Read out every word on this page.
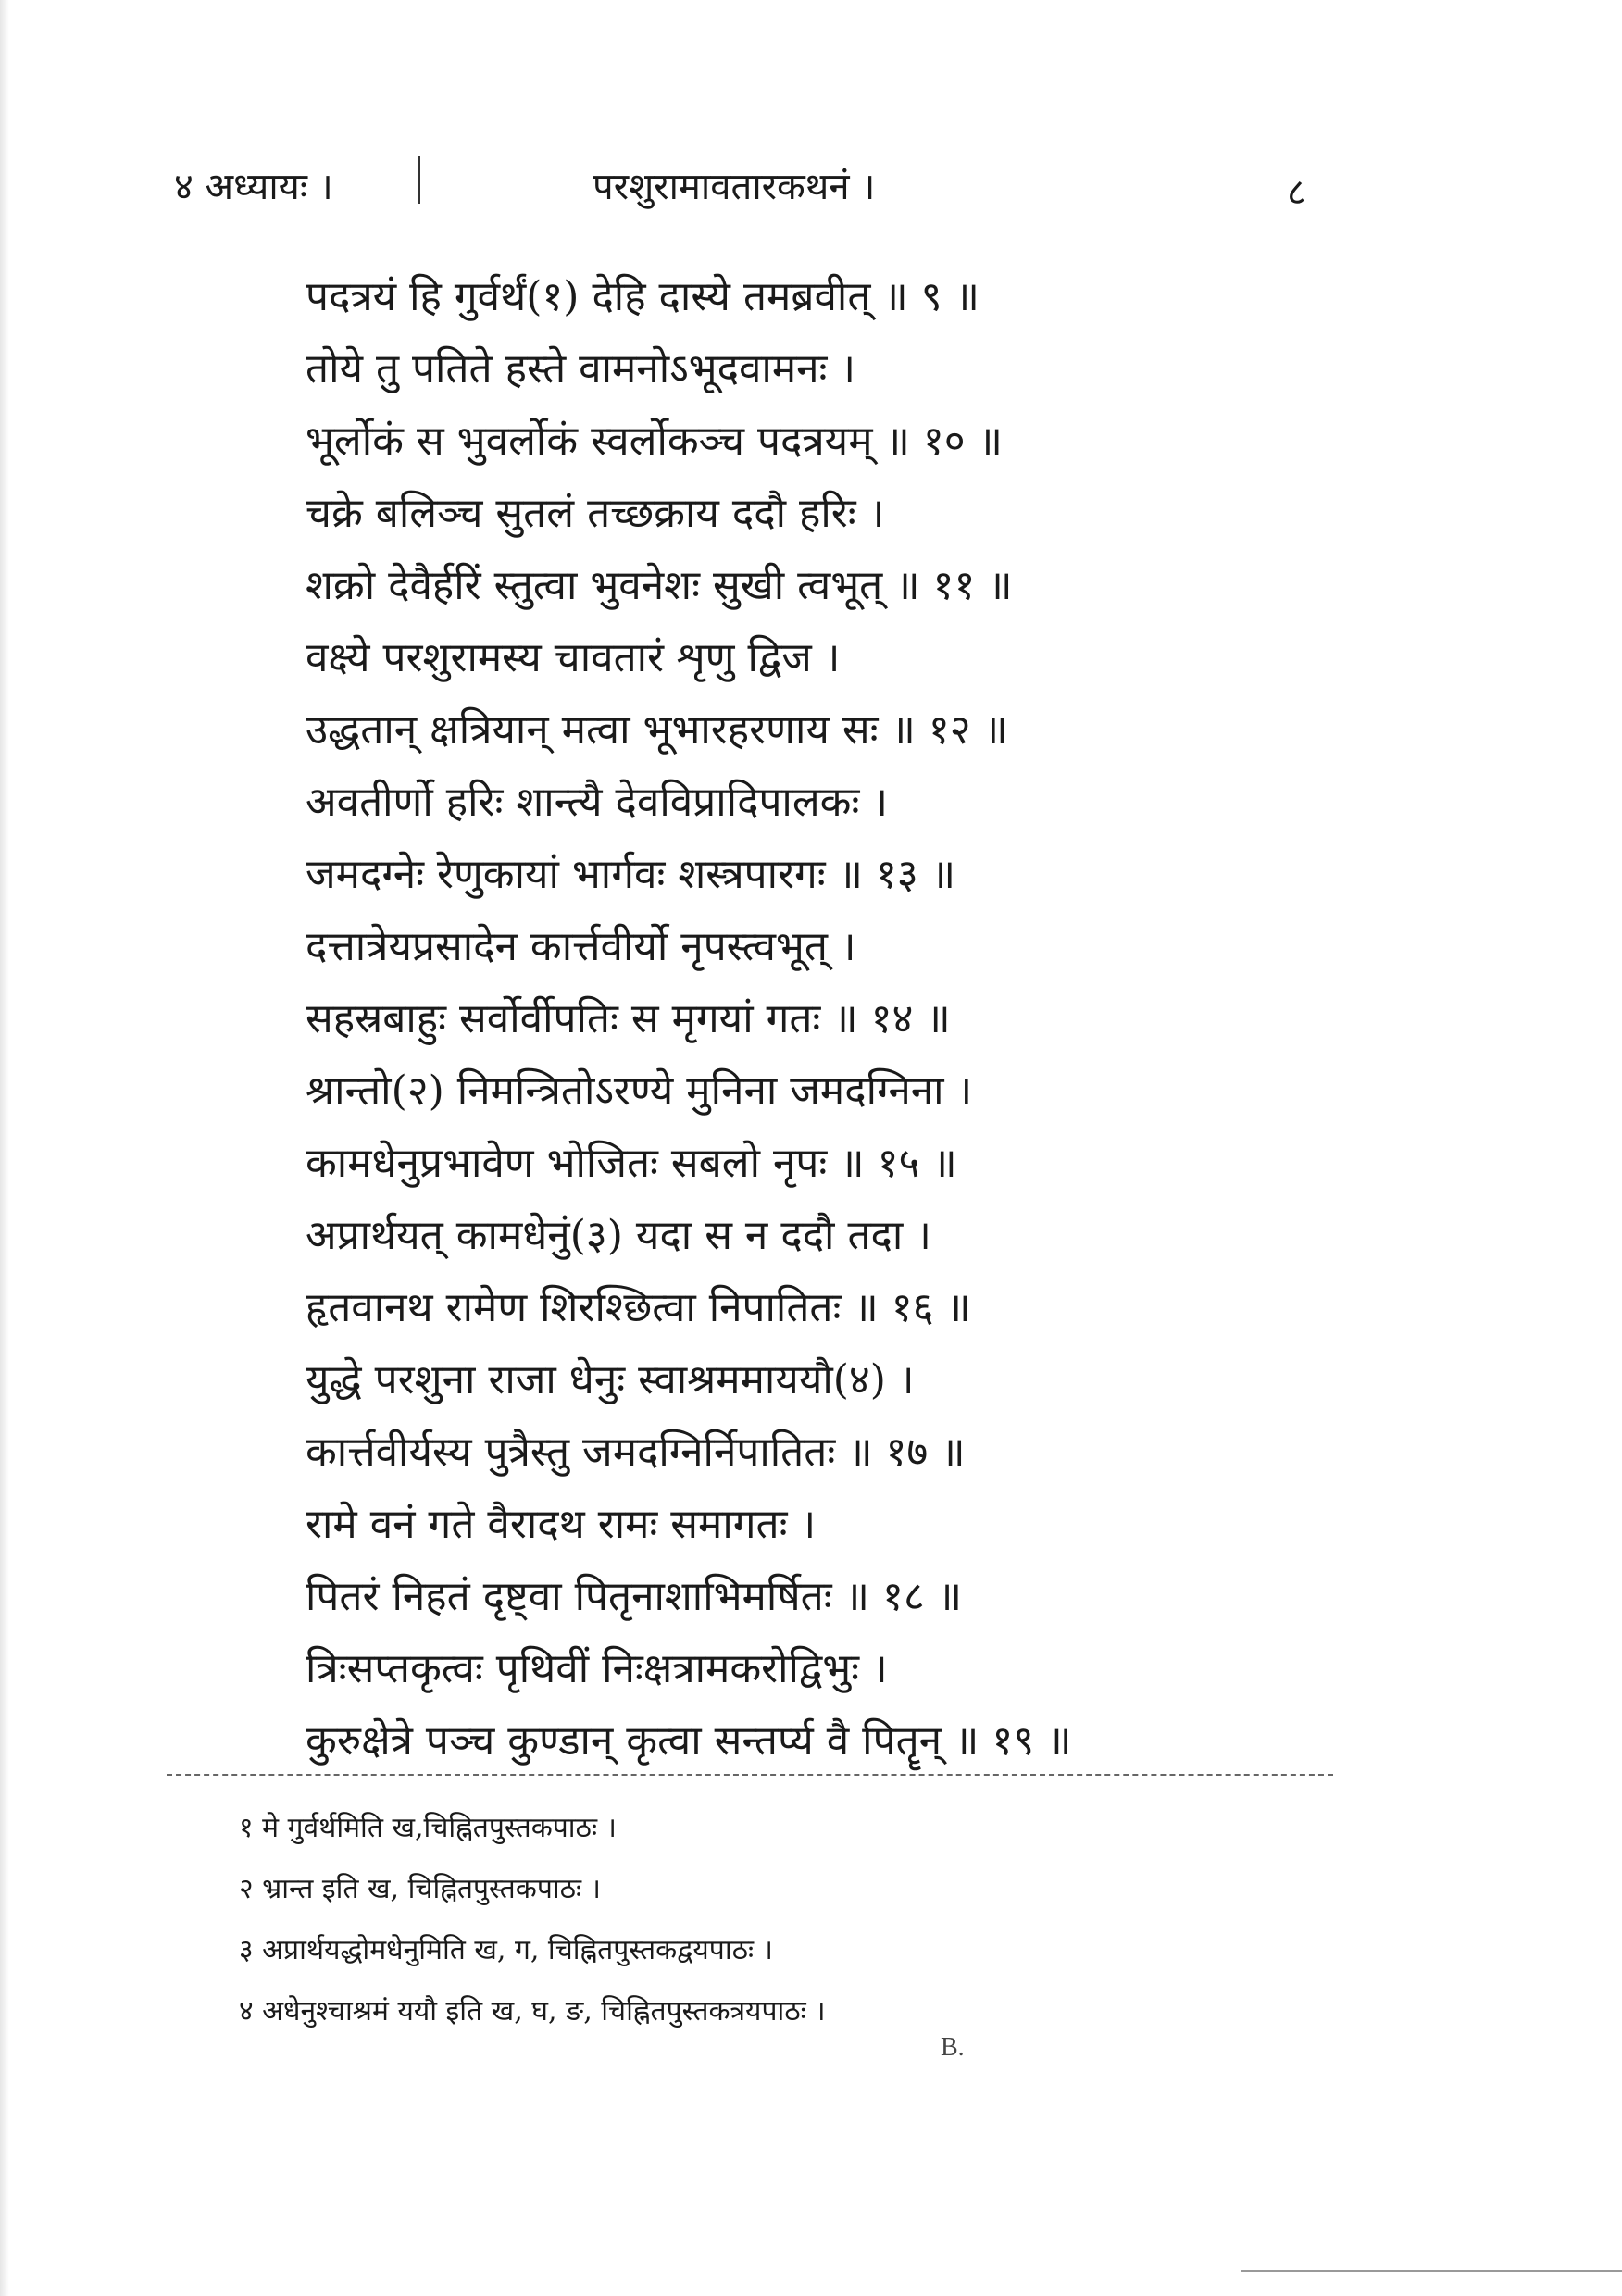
४ अध्यायः ।	परशुरामावतारकथनं ।	८
पदत्रयं हि गुर्वर्थं(१) देहि दास्ये तमब्रवीत् ॥ ९ ॥
तोये तु पतिते हस्ते वामनोऽभूदवामनः ।
भूर्लोकं स भुवर्लोकं स्वर्लोकञ्च पदत्रयम् ॥ १० ॥
चक्रे बलिञ्च सुतलं तच्छक्राय ददौ हरिः ।
शक्रो देवैर्हरिं स्तुत्वा भुवनेशः सुखी त्वभूत् ॥ ११ ॥
वक्ष्ये परशुरामस्य चावतारं शृणु द्विज ।
उद्धतान् क्षत्रियान् मत्वा भूभारहरणाय सः ॥ १२ ॥
अवतीर्णो हरिः शान्त्यै देवविप्रादिपालकः ।
जमदग्नेः रेणुकायां भार्गवः शस्त्रपारगः ॥ १३ ॥
दत्तात्रेयप्रसादेन कार्त्तवीर्यो नृपस्त्वभूत् ।
सहस्रबाहुः सर्वोर्वीपतिः स मृगयां गतः ॥ १४ ॥
श्रान्तो(२) निमन्त्रितोऽरण्ये मुनिना जमदग्निना ।
कामधेनुप्रभावेण भोजितः सबलो नृपः ॥ १५ ॥
अप्रार्थयत् कामधेनुं(३) यदा स न ददौ तदा ।
हृतवानथ रामेण शिरश्छित्वा निपातितः ॥ १६ ॥
युद्धे परशुना राजा धेनुः स्वाश्रममाययौ(४) ।
कार्त्तवीर्यस्य पुत्रैस्तु जमदग्निर्निपातितः ॥ १७ ॥
रामे वनं गते वैरादथ रामः समागतः ।
पितरं निहतं दृष्ट्वा पितृनाशाभिमर्षितः ॥ १८ ॥
त्रिःसप्तकृत्वः पृथिवीं निःक्षत्रामकरोद्विभुः ।
कुरुक्षेत्रे पञ्च कुण्डान् कृत्वा सन्तर्प्य वै पितॄन् ॥ १९ ॥
१ मे गुर्वर्थमिति ख,चिह्नितपुस्तकपाठः ।
२ भ्रान्त इति ख, चिह्नितपुस्तकपाठः ।
३ अप्रार्थयद्धोमधेनुमिति ख, ग, चिह्नितपुस्तकद्वयपाठः ।
४ अधेनुश्चाश्रमं ययौ इति ख, घ, ङ, चिह्नितपुस्तकत्रयपाठः ।
B.
